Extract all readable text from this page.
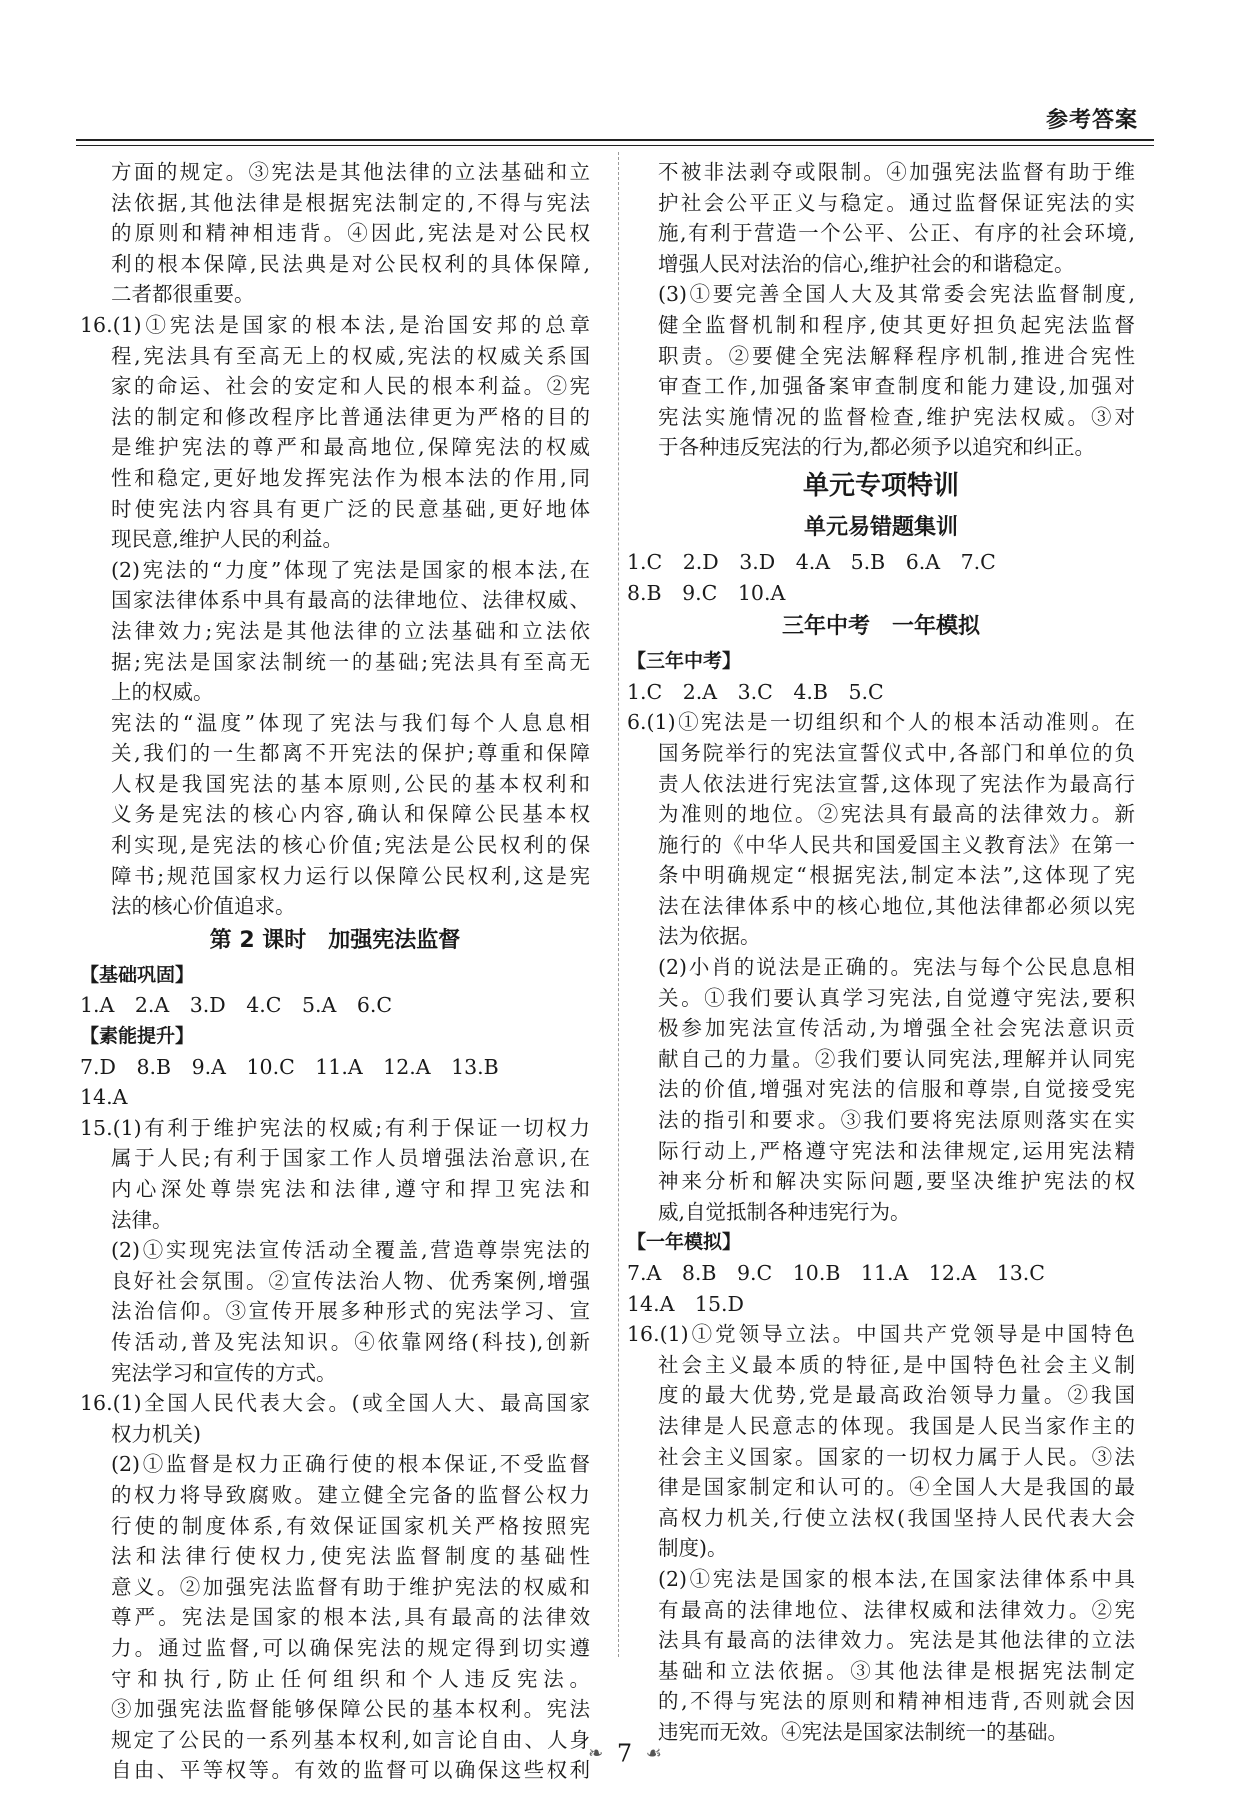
参考答案
方面的规定。③宪法是其他法律的立法基础和立
法依据,其他法律是根据宪法制定的,不得与宪法
的原则和精神相违背。④因此,宪法是对公民权
利的根本保障,民法典是对公民权利的具体保障,
二者都很重要。
16.(1)①宪法是国家的根本法,是治国安邦的总章
程,宪法具有至高无上的权威,宪法的权威关系国
家的命运、社会的安定和人民的根本利益。②宪
法的制定和修改程序比普通法律更为严格的目的
是维护宪法的尊严和最高地位,保障宪法的权威
性和稳定,更好地发挥宪法作为根本法的作用,同
时使宪法内容具有更广泛的民意基础,更好地体
现民意,维护人民的利益。
(2)宪法的“力度”体现了宪法是国家的根本法,在
国家法律体系中具有最高的法律地位、法律权威、
法律效力;宪法是其他法律的立法基础和立法依
据;宪法是国家法制统一的基础;宪法具有至高无
上的权威。
宪法的“温度”体现了宪法与我们每个人息息相
关,我们的一生都离不开宪法的保护;尊重和保障
人权是我国宪法的基本原则,公民的基本权利和
义务是宪法的核心内容,确认和保障公民基本权
利实现,是宪法的核心价值;宪法是公民权利的保
障书;规范国家权力运行以保障公民权利,这是宪
法的核心价值追求。
第 2 课时　加强宪法监督
【基础巩固】
1.A　2.A　3.D　4.C　5.A　6.C
【素能提升】
7.D　8.B　9.A　10.C　11.A　12.A　13.B
14.A
15.(1)有利于维护宪法的权威;有利于保证一切权力
属于人民;有利于国家工作人员增强法治意识,在
内心深处尊崇宪法和法律,遵守和捍卫宪法和
法律。
(2)①实现宪法宣传活动全覆盖,营造尊崇宪法的
良好社会氛围。②宣传法治人物、优秀案例,增强
法治信仰。③宣传开展多种形式的宪法学习、宣
传活动,普及宪法知识。④依靠网络(科技),创新
宪法学习和宣传的方式。
16.(1)全国人民代表大会。(或全国人大、最高国家
权力机关)
(2)①监督是权力正确行使的根本保证,不受监督
的权力将导致腐败。建立健全完备的监督公权力
行使的制度体系,有效保证国家机关严格按照宪
法和法律行使权力,使宪法监督制度的基础性
意义。②加强宪法监督有助于维护宪法的权威和
尊严。宪法是国家的根本法,具有最高的法律效
力。通过监督,可以确保宪法的规定得到切实遵
守和执行,防止任何组织和个人违反宪法。
③加强宪法监督能够保障公民的基本权利。宪法
规定了公民的一系列基本权利,如言论自由、人身
自由、平等权等。有效的监督可以确保这些权利
不被非法剥夺或限制。④加强宪法监督有助于维
护社会公平正义与稳定。通过监督保证宪法的实
施,有利于营造一个公平、公正、有序的社会环境,
增强人民对法治的信心,维护社会的和谐稳定。
(3)①要完善全国人大及其常委会宪法监督制度,
健全监督机制和程序,使其更好担负起宪法监督
职责。②要健全宪法解释程序机制,推进合宪性
审查工作,加强备案审查制度和能力建设,加强对
宪法实施情况的监督检查,维护宪法权威。③对
于各种违反宪法的行为,都必须予以追究和纠正。
单元专项特训
单元易错题集训
1.C　2.D　3.D　4.A　5.B　6.A　7.C
8.B　9.C　10.A
三年中考　一年模拟
【三年中考】
1.C　2.A　3.C　4.B　5.C
6.(1)①宪法是一切组织和个人的根本活动准则。在
国务院举行的宪法宣誓仪式中,各部门和单位的负
责人依法进行宪法宣誓,这体现了宪法作为最高行
为准则的地位。②宪法具有最高的法律效力。新
施行的《中华人民共和国爱国主义教育法》在第一
条中明确规定“根据宪法,制定本法”,这体现了宪
法在法律体系中的核心地位,其他法律都必须以宪
法为依据。
(2)小肖的说法是正确的。宪法与每个公民息息相
关。①我们要认真学习宪法,自觉遵守宪法,要积
极参加宪法宣传活动,为增强全社会宪法意识贡
献自己的力量。②我们要认同宪法,理解并认同宪
法的价值,增强对宪法的信服和尊崇,自觉接受宪
法的指引和要求。③我们要将宪法原则落实在实
际行动上,严格遵守宪法和法律规定,运用宪法精
神来分析和解决实际问题,要坚决维护宪法的权
威,自觉抵制各种违宪行为。
【一年模拟】
7.A　8.B　9.C　10.B　11.A　12.A　13.C
14.A　15.D
16.(1)①党领导立法。中国共产党领导是中国特色
社会主义最本质的特征,是中国特色社会主义制
度的最大优势,党是最高政治领导力量。②我国
法律是人民意志的体现。我国是人民当家作主的
社会主义国家。国家的一切权力属于人民。③法
律是国家制定和认可的。④全国人大是我国的最
高权力机关,行使立法权(我国坚持人民代表大会
制度)。
(2)①宪法是国家的根本法,在国家法律体系中具
有最高的法律地位、法律权威和法律效力。②宪
法具有最高的法律效力。宪法是其他法律的立法
基础和立法依据。③其他法律是根据宪法制定
的,不得与宪法的原则和精神相违背,否则就会因
违宪而无效。④宪法是国家法制统一的基础。
❧ 7 ☙
